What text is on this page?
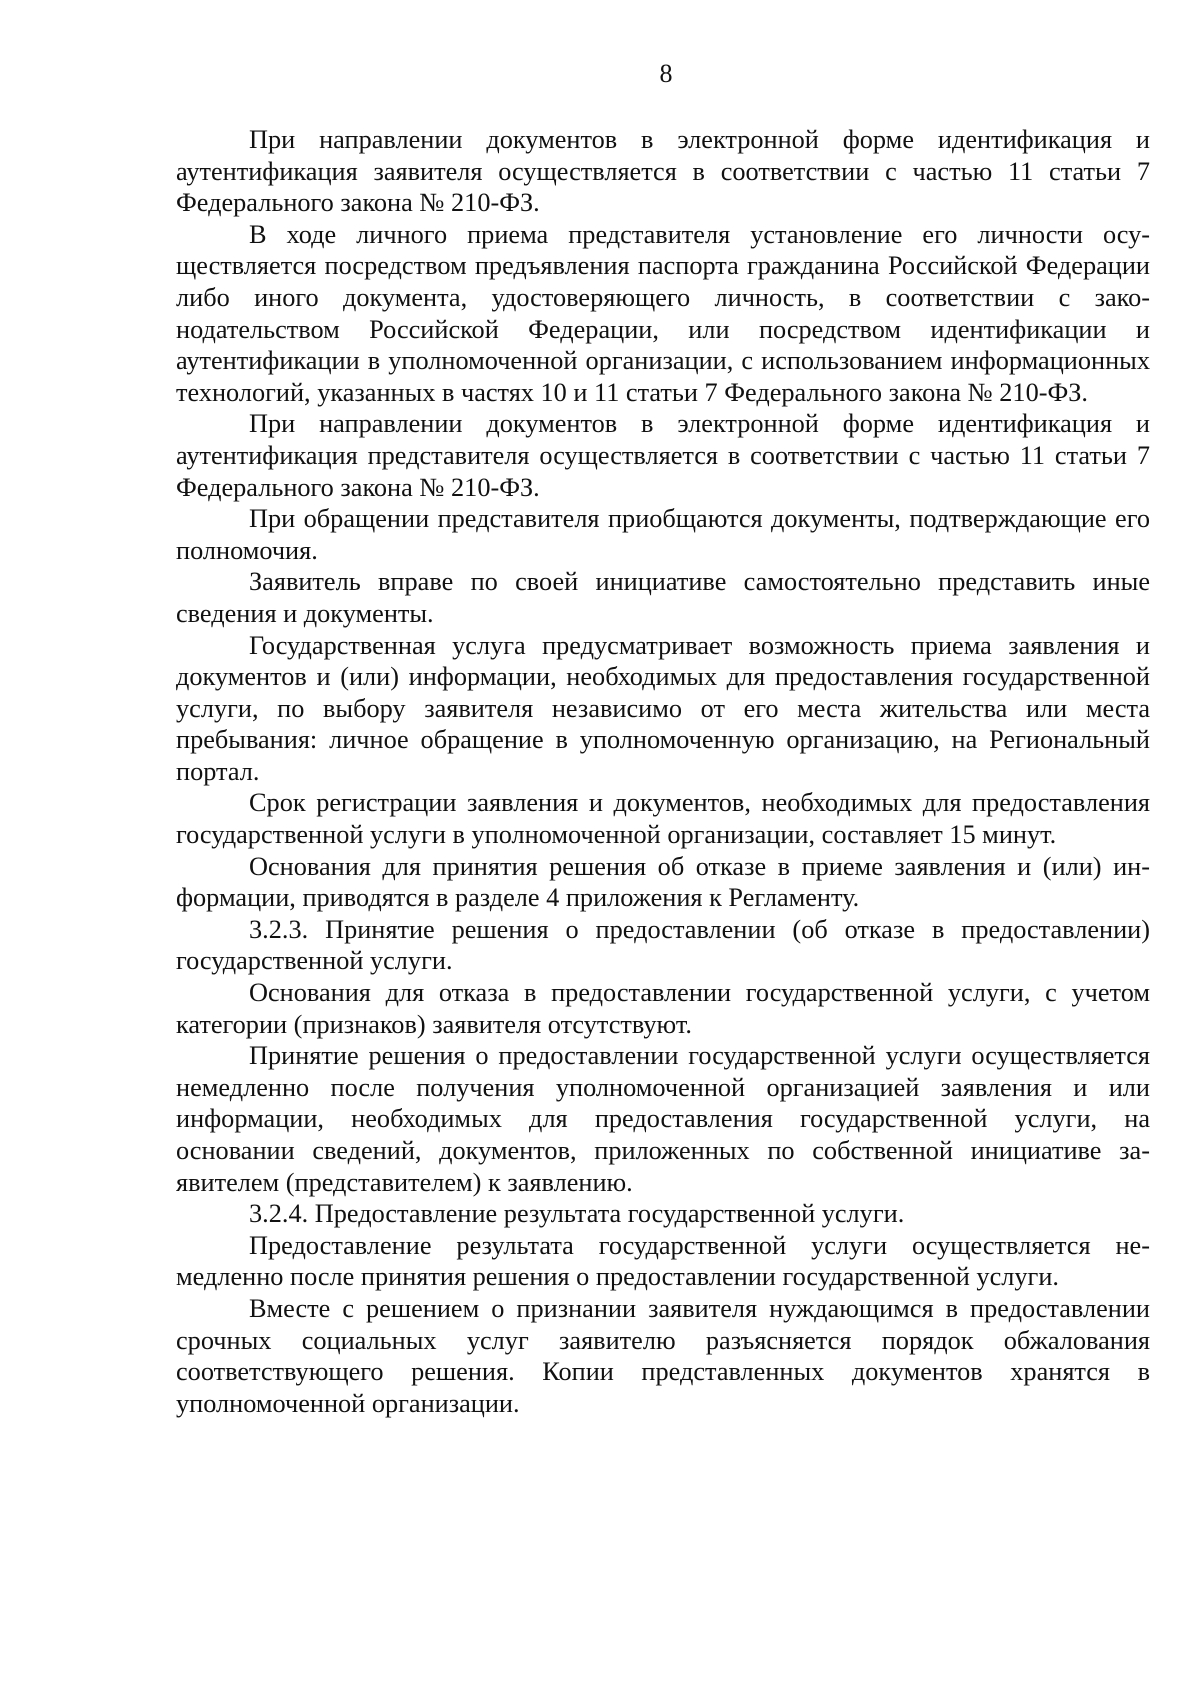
8

При направлении документов в электронной форме идентификация и аутентификация заявителя осуществляется в соответствии с частью 11 статьи 7 Федерального закона № 210-ФЗ.

В ходе личного приема представителя установление его личности осуществляется посредством предъявления паспорта гражданина Российской Федерации либо иного документа, удостоверяющего личность, в соответствии с законодательством Российской Федерации, или посредством идентификации и аутентификации в уполномоченной организации, с использованием информационных технологий, указанных в частях 10 и 11 статьи 7 Федерального закона № 210-ФЗ.

При направлении документов в электронной форме идентификация и аутентификация представителя осуществляется в соответствии с частью 11 статьи 7 Федерального закона № 210-ФЗ.

При обращении представителя приобщаются документы, подтверждающие его полномочия.

Заявитель вправе по своей инициативе самостоятельно представить иные сведения и документы.

Государственная услуга предусматривает возможность приема заявления и документов и (или) информации, необходимых для предоставления государственной услуги, по выбору заявителя независимо от его места жительства или места пребывания: личное обращение в уполномоченную организацию, на Региональный портал.

Срок регистрации заявления и документов, необходимых для предоставления государственной услуги в уполномоченной организации, составляет 15 минут.

Основания для принятия решения об отказе в приеме заявления и (или) информации, приводятся в разделе 4 приложения к Регламенту.

3.2.3. Принятие решения о предоставлении (об отказе в предоставлении) государственной услуги.

Основания для отказа в предоставлении государственной услуги, с учетом категории (признаков) заявителя отсутствуют.

Принятие решения о предоставлении государственной услуги осуществляется немедленно после получения уполномоченной организацией заявления и или информации, необходимых для предоставления государственной услуги, на основании сведений, документов, приложенных по собственной инициативе заявителем (представителем) к заявлению.

3.2.4. Предоставление результата государственной услуги.

Предоставление результата государственной услуги осуществляется немедленно после принятия решения о предоставлении государственной услуги.

Вместе с решением о признании заявителя нуждающимся в предоставлении срочных социальных услуг заявителю разъясняется порядок обжалования соответствующего решения. Копии представленных документов хранятся в уполномоченной организации.
